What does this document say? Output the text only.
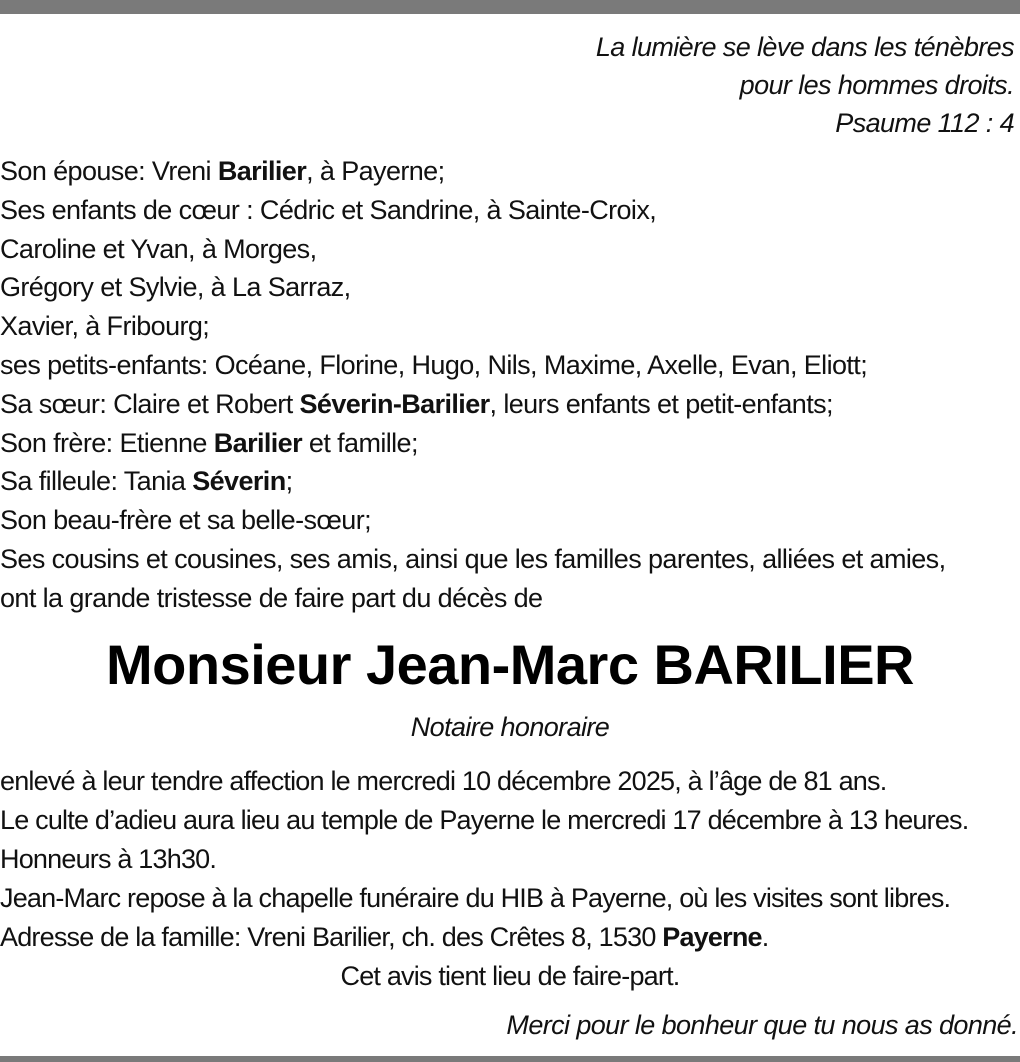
La lumière se lève dans les ténèbres
pour les hommes droits.
Psaume 112 : 4
Son épouse: Vreni Barilier, à Payerne;
Ses enfants de cœur : Cédric et Sandrine, à Sainte-Croix,
Caroline et Yvan, à Morges,
Grégory et Sylvie, à La Sarraz,
Xavier, à Fribourg;
ses petits-enfants: Océane, Florine, Hugo, Nils, Maxime, Axelle, Evan, Eliott;
Sa sœur: Claire et Robert Séverin-Barilier, leurs enfants et petit-enfants;
Son frère: Etienne Barilier et famille;
Sa filleule: Tania Séverin;
Son beau-frère et sa belle-sœur;
Ses cousins et cousines, ses amis, ainsi que les familles parentes, alliées et amies,
ont la grande tristesse de faire part du décès de
Monsieur Jean-Marc BARILIER
Notaire honoraire
enlevé à leur tendre affection le mercredi 10 décembre 2025, à l’âge de 81 ans.
Le culte d’adieu aura lieu au temple de Payerne le mercredi 17 décembre à 13 heures.
Honneurs à 13h30.
Jean-Marc repose à la chapelle funéraire du HIB à Payerne, où les visites sont libres.
Adresse de la famille: Vreni Barilier, ch. des Crêtes 8, 1530 Payerne.
Cet avis tient lieu de faire-part.
Merci pour le bonheur que tu nous as donné.
